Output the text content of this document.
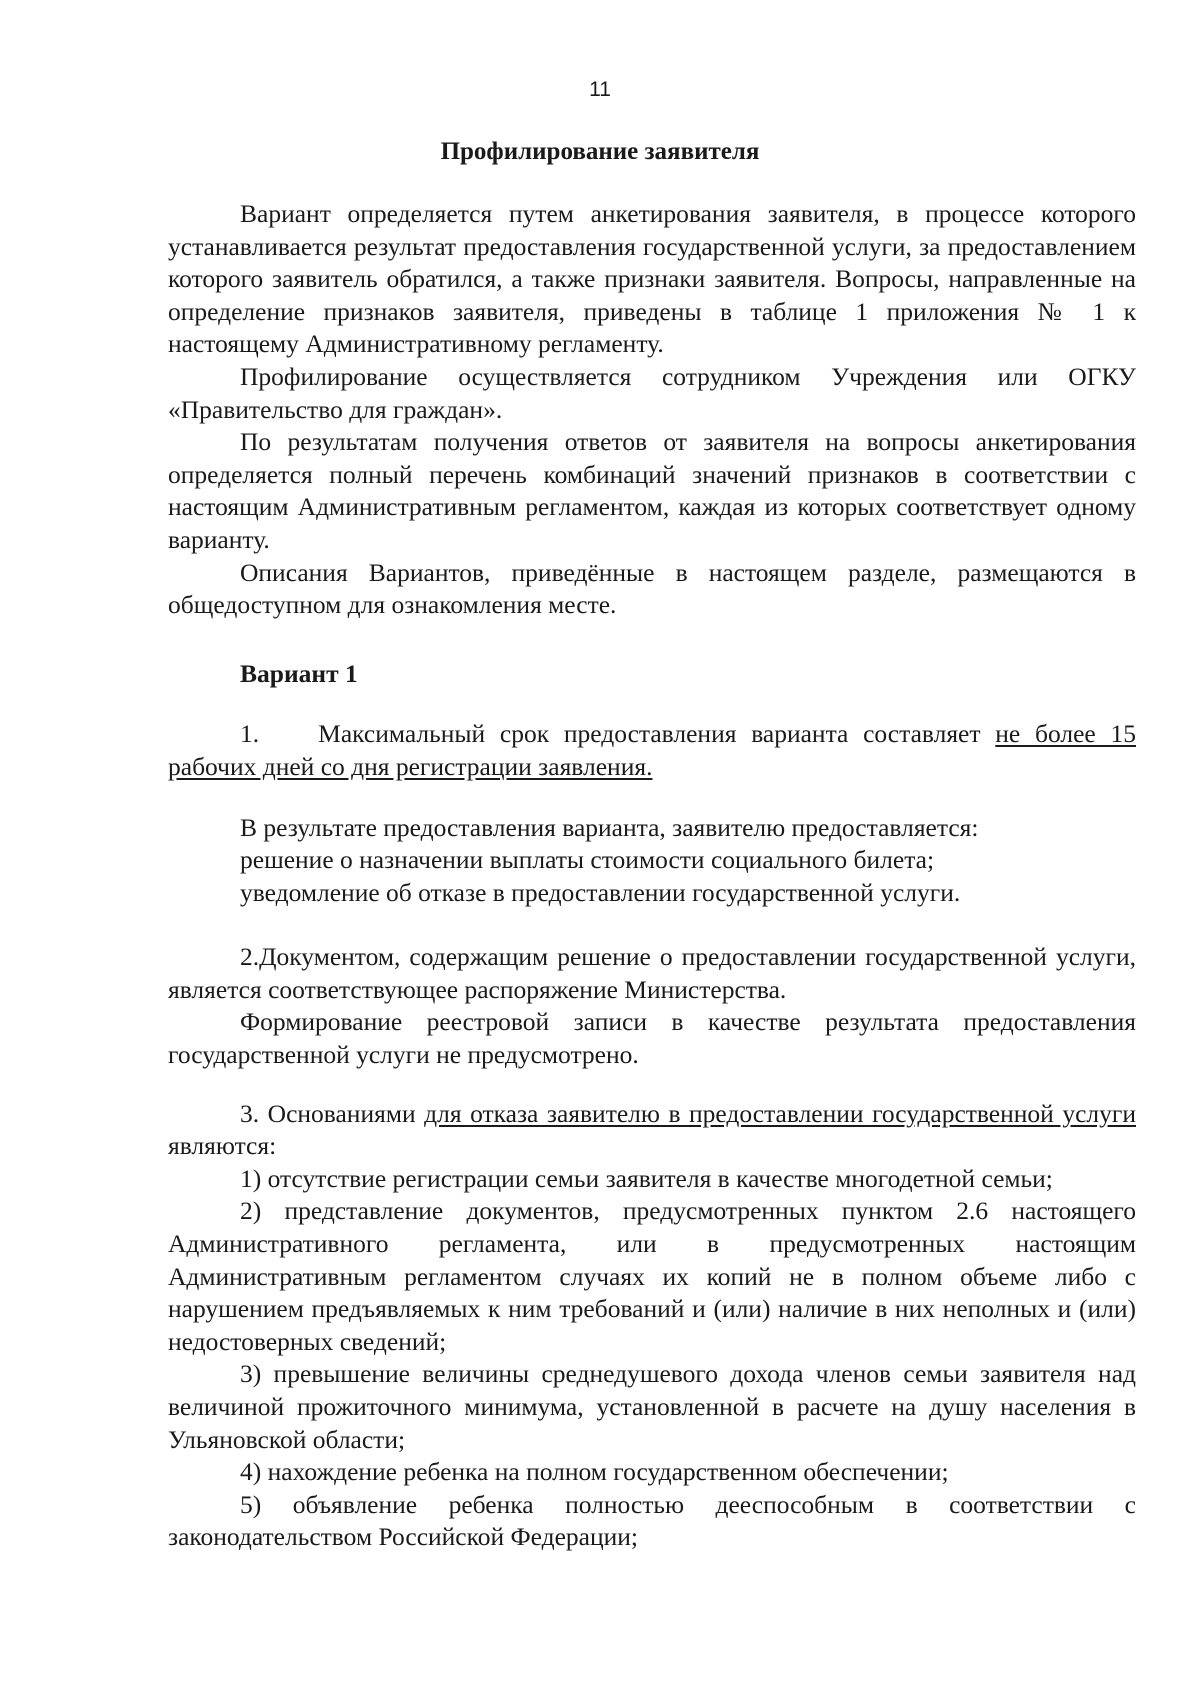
11
Профилирование заявителя

Вариант определяется путем анкетирования заявителя, в процессе которого устанавливается результат предоставления государственной услуги, за предоставлением которого заявитель обратился, а также признаки заявителя. Вопросы, направленные на определение признаков заявителя, приведены в таблице 1 приложения № 1 к настоящему Административному регламенту.

Профилирование осуществляется сотрудником Учреждения или ОГКУ «Правительство для граждан».

По результатам получения ответов от заявителя на вопросы анкетирования определяется полный перечень комбинаций значений признаков в соответствии с настоящим Административным регламентом, каждая из которых соответствует одному варианту.

Описания Вариантов, приведённые в настоящем разделе, размещаются в общедоступном для ознакомления месте.

Вариант 1

1. Максимальный срок предоставления варианта составляет не более 15 рабочих дней со дня регистрации заявления.

В результате предоставления варианта, заявителю предоставляется:
решение о назначении выплаты стоимости социального билета;
уведомление об отказе в предоставлении государственной услуги.

2.Документом, содержащим решение о предоставлении государственной услуги, является соответствующее распоряжение Министерства.

Формирование реестровой записи в качестве результата предоставления государственной услуги не предусмотрено.

3. Основаниями для отказа заявителю в предоставлении государственной услуги являются:

1) отсутствие регистрации семьи заявителя в качестве многодетной семьи;

2) представление документов, предусмотренных пунктом 2.6 настоящего Административного регламента, или в предусмотренных настоящим Административным регламентом случаях их копий не в полном объеме либо с нарушением предъявляемых к ним требований и (или) наличие в них неполных и (или) недостоверных сведений;

3) превышение величины среднедушевого дохода членов семьи заявителя над величиной прожиточного минимума, установленной в расчете на душу населения в Ульяновской области;

4) нахождение ребенка на полном государственном обеспечении;

5) объявление ребенка полностью дееспособным в соответствии с законодательством Российской Федерации;
